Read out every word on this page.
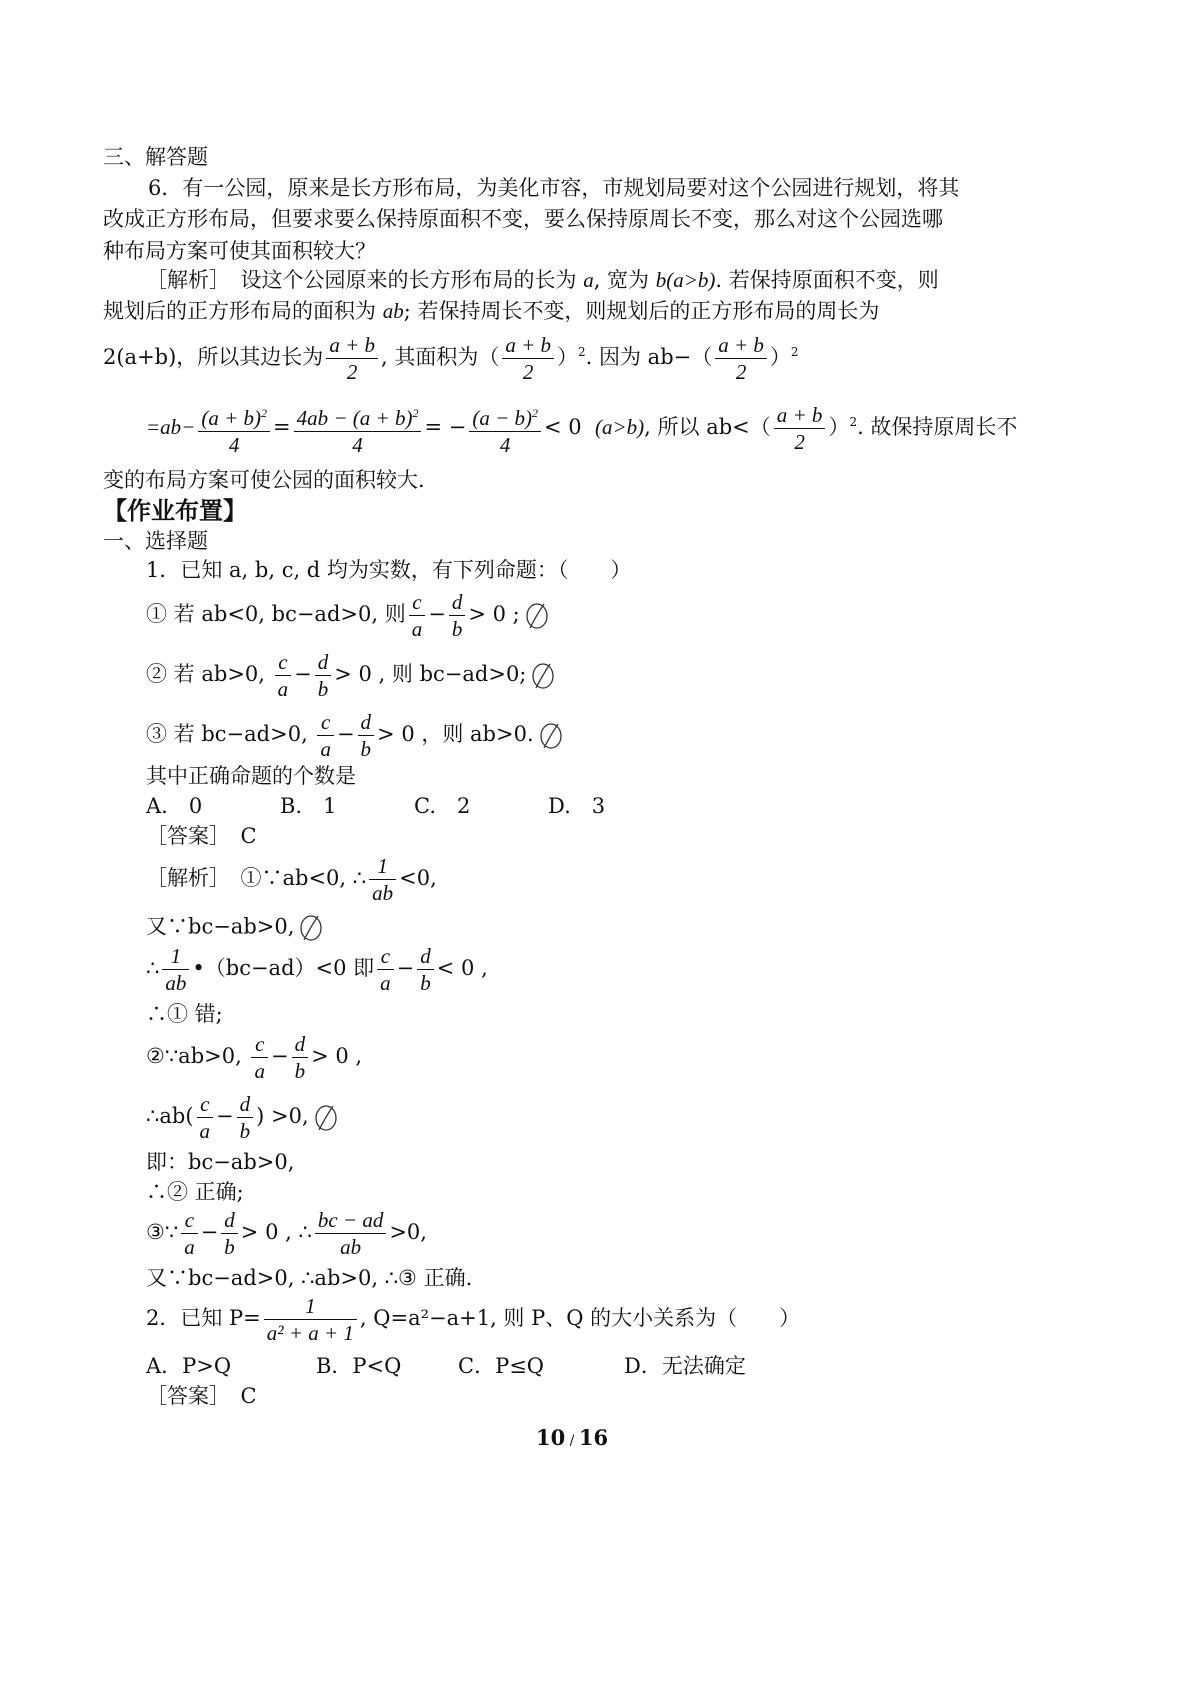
三、解答题
6．有一公园，原来是长方形布局，为美化市容，市规划局要对这个公园进行规划，将其
改成正方形布局，但要求要么保持原面积不变，要么保持原周长不变，那么对这个公园选哪
种布局方案可使其面积较大？
［解析］　设这个公园原来的长方形布局的长为 a, 宽为 b(a>b). 若保持原面积不变，则
规划后的正方形布局的面积为 ab; 若保持周长不变，则规划后的正方形布局的周长为
2(a+b)，所以其边长为 $\frac{a + b}{2}$ , 其面积为（ $\frac{a + b}{2} )^2$. 因为 $ab-( \frac{a + b}{2} )^2$
$=ab- \frac{(a + b)^2}{4} = \frac{4ab - (a + b)^2}{4}$ = − $\frac{(a - b)^2}{4} < 0$ (a>b), 所以 $ab<( \frac{a + b}{2} )^2$. 故保持原周长不
变的布局方案可使公园的面积较大.
【作业布置】
一、选择题
1．已知 a, b, c, d 均为实数，有下列命题：（　　）
① 若 ab<0, bc−ad>0, 则 $\frac{c}{a} - \frac{d}{b} > 0$ ;
② 若 ab>0, $\frac{c}{a} - \frac{d}{b} > 0$ , 则 bc−ad>0;
③ 若 bc−ad>0, $\frac{c}{a} - \frac{d}{b} > 0$ ，则 ab>0.
其中正确命题的个数是
A.　0	B.　1	C.　2	D.　3
［答案］　C
［解析］　①∵ab<0, ∴ $\frac{1}{ab} <0$,
又∵bc−ab>0,
∴ $\frac{1}{ab}$ •（bc−ad）<0 即 $\frac{c}{a} - \frac{d}{b} < 0$ ,
∴① 错;
②∵ab>0, $\frac{c}{a} - \frac{d}{b} > 0$ ,
∴ab( $\frac{c}{a} - \frac{d}{b}$ ) >0,
即：bc−ab>0,
∴② 正确;
③∵ $\frac{c}{a} - \frac{d}{b} > 0$ , ∴ $\frac{bc - ad}{ab} >0$,
又∵bc−ad>0, ∴ab>0, ∴③ 正确.
2．已知 $P= \frac{1}{\text{a² + a + 1}}$ , Q=a²−a+1, 则 P、Q 的大小关系为（　　）
A．P>Q	B．P<Q	C．P≤Q	D．无法确定
［答案］　C
10 / 16
